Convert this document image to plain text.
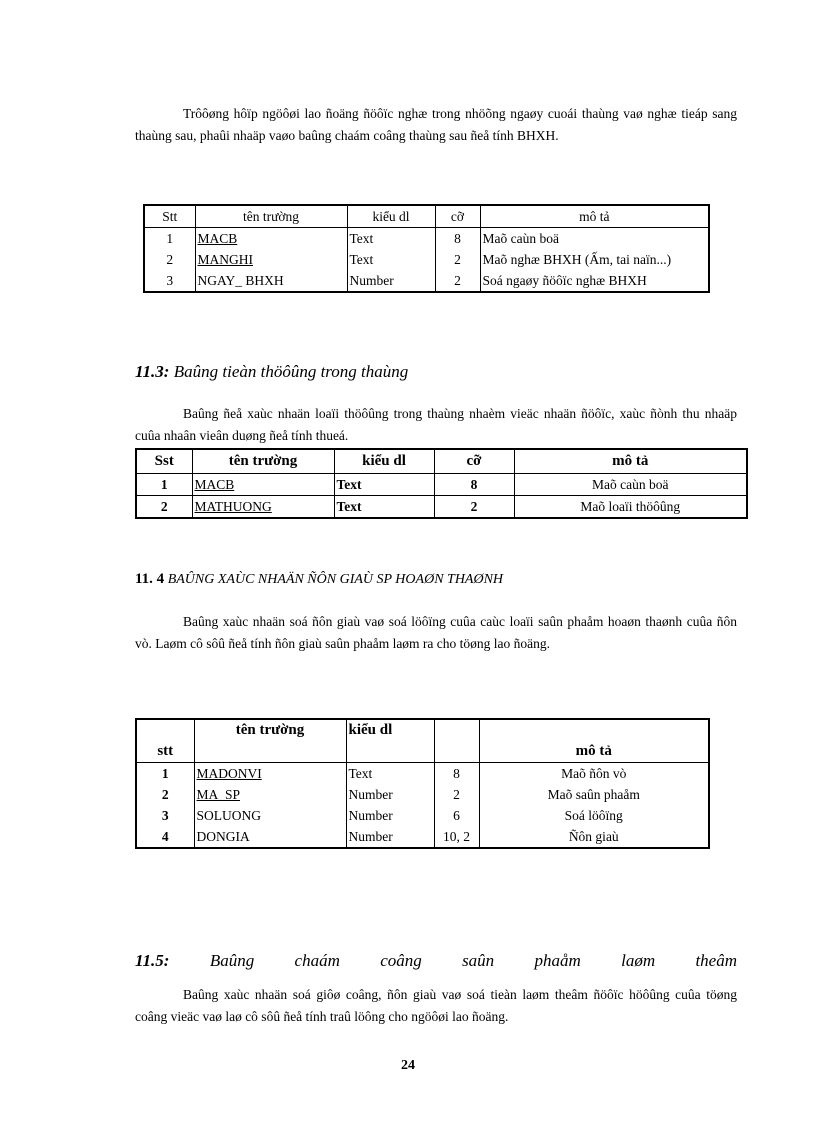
Trôôøng hôïp ngöôøi lao ñoäng ñöôïc nghæ trong nhöõng ngaøy cuoái thaùng vaø nghæ tieáp sang thaùng sau, phaûi nhaäp vaøo baûng chaám coâng thaùng sau ñeå tính BHXH.

Stt	tên trường	kiểu dl	cỡ	mô tả
1	MACB	Text	8	Maõ caùn boä
2	MANGHI	Text	2	Maõ nghæ BHXH (Ấm, tai naïn...)
3	NGAY_ BHXH	Number	2	Soá ngaøy ñöôïc nghæ BHXH

11.3: Baûng tieàn thöôûng trong thaùng

Baûng ñeå xaùc nhaän loaïi thöôûng trong thaùng nhaèm vieäc nhaän ñöôïc, xaùc ñònh thu nhaäp cuûa nhaân vieân duøng ñeå tính thueá.

Sst	tên trường	kiểu dl	cỡ	mô tả
1	MACB	Text	8	Maõ caùn boä
2	MATHUONG	Text	2	Maõ loaïi thöôûng

11. 4 BAÛNG XAÙC NHAÄN ÑÔN GIAÙ SP HOAØN THAØNH

Baûng xaùc nhaän soá ñôn giaù vaø soá löôïng cuûa caùc loaïi saûn phaåm hoaøn thaønh cuûa ñôn vò. Laøm cô sôû ñeå tính ñôn giaù saûn phaåm laøm ra cho töøng lao ñoäng.

stt	tên trường	kiểu dl		mô tả
1	MADONVI	Text	8	Maõ ñôn vò
2	MA_SP	Number	2	Maõ saûn phaåm
3	SOLUONG	Number	6	Soá löôïng
4	DONGIA	Number	10, 2	Ñôn giaù
11.5: Baûng chaám coâng saûn phaåm laøm theâm

Baûng xaùc nhaän soá giôø coâng, ñôn giaù vaø soá tieàn laøm theâm ñöôïc höôûng cuûa töøng coâng vieäc vaø laø cô sôû ñeå tính traû löông cho ngöôøi lao ñoäng.

24
